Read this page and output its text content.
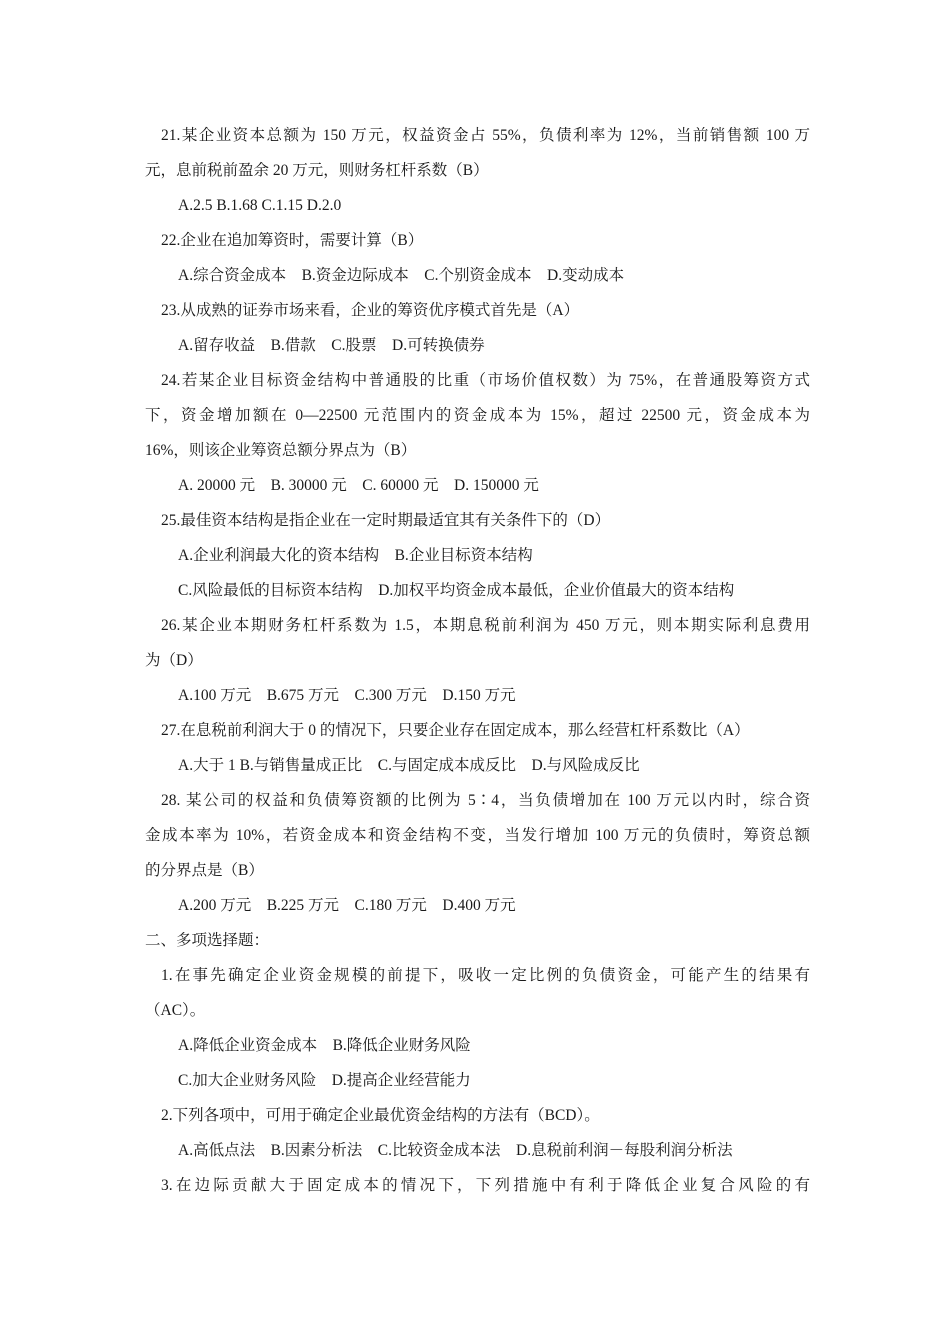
21.某企业资本总额为 150 万元，权益资金占 55%，负债利率为 12%，当前销售额 100 万
元，息前税前盈余 20 万元，则财务杠杆系数（B）
A.2.5 B.1.68 C.1.15 D.2.0
22.企业在追加筹资时，需要计算（B）
A.综合资金成本　B.资金边际成本　C.个别资金成本　D.变动成本
23.从成熟的证券市场来看，企业的筹资优序模式首先是（A）
A.留存收益　B.借款　C.股票　D.可转换债券
24.若某企业目标资金结构中普通股的比重（市场价值权数）为 75%，在普通股筹资方式
下，资金增加额在 0—22500 元范围内的资金成本为 15%，超过 22500 元，资金成本为
16%，则该企业筹资总额分界点为（B）
A. 20000 元　B. 30000 元　C. 60000 元　D. 150000 元
25.最佳资本结构是指企业在一定时期最适宜其有关条件下的（D）
A.企业利润最大化的资本结构　B.企业目标资本结构
C.风险最低的目标资本结构　D.加权平均资金成本最低，企业价值最大的资本结构
26.某企业本期财务杠杆系数为 1.5，本期息税前利润为 450 万元，则本期实际利息费用
为（D）
A.100 万元　B.675 万元　C.300 万元　D.150 万元
27.在息税前利润大于 0 的情况下，只要企业存在固定成本，那么经营杠杆系数比（A）
A.大于 1 B.与销售量成正比　C.与固定成本成反比　D.与风险成反比
28. 某公司的权益和负债筹资额的比例为 5∶4，当负债增加在 100 万元以内时，综合资
金成本率为 10%，若资金成本和资金结构不变，当发行增加 100 万元的负债时，筹资总额
的分界点是（B）
A.200 万元　B.225 万元　C.180 万元　D.400 万元
二、多项选择题：
1.在事先确定企业资金规模的前提下，吸收一定比例的负债资金，可能产生的结果有
（AC）。
A.降低企业资金成本　B.降低企业财务风险
C.加大企业财务风险　D.提高企业经营能力
2.下列各项中，可用于确定企业最优资金结构的方法有（BCD）。
A.高低点法　B.因素分析法　C.比较资金成本法　D.息税前利润－每股利润分析法
3.在边际贡献大于固定成本的情况下，下列措施中有利于降低企业复合风险的有
